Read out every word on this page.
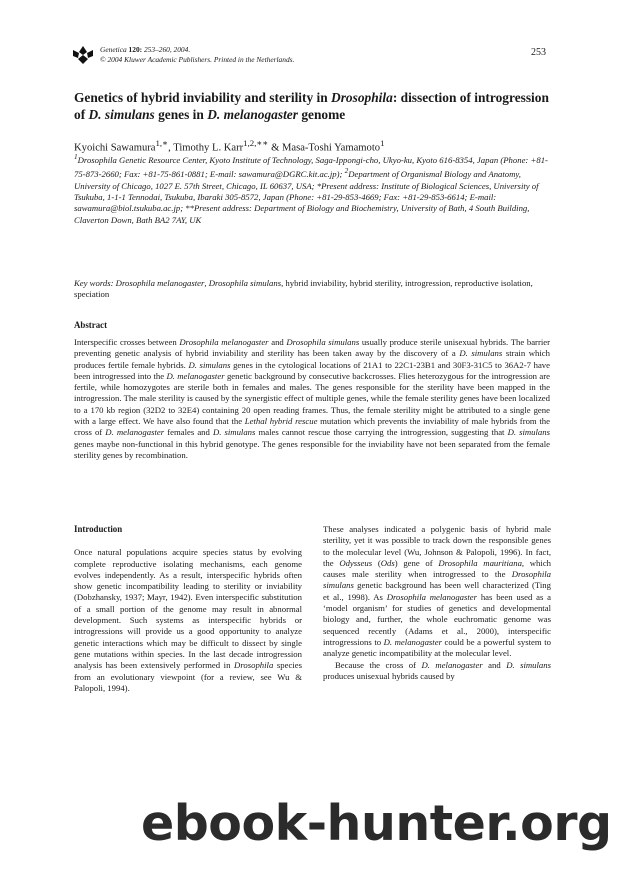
Genetica 120: 253–260, 2004.
© 2004 Kluwer Academic Publishers. Printed in the Netherlands.
253
Genetics of hybrid inviability and sterility in Drosophila: dissection of introgression of D. simulans genes in D. melanogaster genome
Kyoichi Sawamura$^{1,∗}$, Timothy L. Karr$^{1,2,∗∗}$ & Masa-Toshi Yamamoto$^1$
$^1$Drosophila Genetic Resource Center, Kyoto Institute of Technology, Saga-Ippongi-cho, Ukyo-ku, Kyoto 616-8354, Japan (Phone: +81-75-873-2660; Fax: +81-75-861-0881; E-mail: sawamura@DGRC.kit.ac.jp); $^2$Department of Organismal Biology and Anatomy, University of Chicago, 1027 E. 57th Street, Chicago, IL 60637, USA; *Present address: Institute of Biological Sciences, University of Tsukuba, 1-1-1 Tennodai, Tsukuba, Ibaraki 305-8572, Japan (Phone: +81-29-853-4669; Fax: +81-29-853-6614; E-mail: sawamura@biol.tsukuba.ac.jp; **Present address: Department of Biology and Biochemistry, University of Bath, 4 South Building, Claverton Down, Bath BA2 7AY, UK
Key words: Drosophila melanogaster, Drosophila simulans, hybrid inviability, hybrid sterility, introgression, reproductive isolation, speciation
Abstract
Interspecific crosses between Drosophila melanogaster and Drosophila simulans usually produce sterile unisexual hybrids. The barrier preventing genetic analysis of hybrid inviability and sterility has been taken away by the discovery of a D. simulans strain which produces fertile female hybrids. D. simulans genes in the cytological locations of 21A1 to 22C1-23B1 and 30F3-31C5 to 36A2-7 have been introgressed into the D. melanogaster genetic background by consecutive backcrosses. Flies heterozygous for the introgression are fertile, while homozygotes are sterile both in females and males. The genes responsible for the sterility have been mapped in the introgression. The male sterility is caused by the synergistic effect of multiple genes, while the female sterility genes have been localized to a 170 kb region (32D2 to 32E4) containing 20 open reading frames. Thus, the female sterility might be attributed to a single gene with a large effect. We have also found that the Lethal hybrid rescue mutation which prevents the inviability of male hybrids from the cross of D. melanogaster females and D. simulans males cannot rescue those carrying the introgression, suggesting that D. simulans genes maybe non-functional in this hybrid genotype. The genes responsible for the inviability have not been separated from the female sterility genes by recombination.
Introduction

Once natural populations acquire species status by evolving complete reproductive isolating mechanisms, each genome evolves independently. As a result, interspecific hybrids often show genetic incompatibility leading to sterility or inviability (Dobzhansky, 1937; Mayr, 1942). Even interspecific substitution of a small portion of the genome may result in abnormal development. Such systems as interspecific hybrids or introgressions will provide us a good opportunity to analyze genetic interactions which may be difficult to dissect by single gene mutations within species. In the last decade introgression analysis has been extensively performed in Drosophila species from an evolutionary viewpoint (for a review, see Wu & Palopoli, 1994).

These analyses indicated a polygenic basis of hybrid male sterility, yet it was possible to track down the responsible genes to the molecular level (Wu, Johnson & Palopoli, 1996). In fact, the Odysseus (Ods) gene of Drosophila mauritiana, which causes male sterility when introgressed to the Drosophila simulans genetic background has been well characterized (Ting et al., 1998). As Drosophila melanogaster has been used as a ‘model organism’ for studies of genetics and developmental biology and, further, the whole euchromatic genome was sequenced recently (Adams et al., 2000), interspecific introgressions to D. melanogaster could be a powerful system to analyze genetic incompatibility at the molecular level.

Because the cross of D. melanogaster and D. simulans produces unisexual hybrids caused by

ebook-hunter.org
